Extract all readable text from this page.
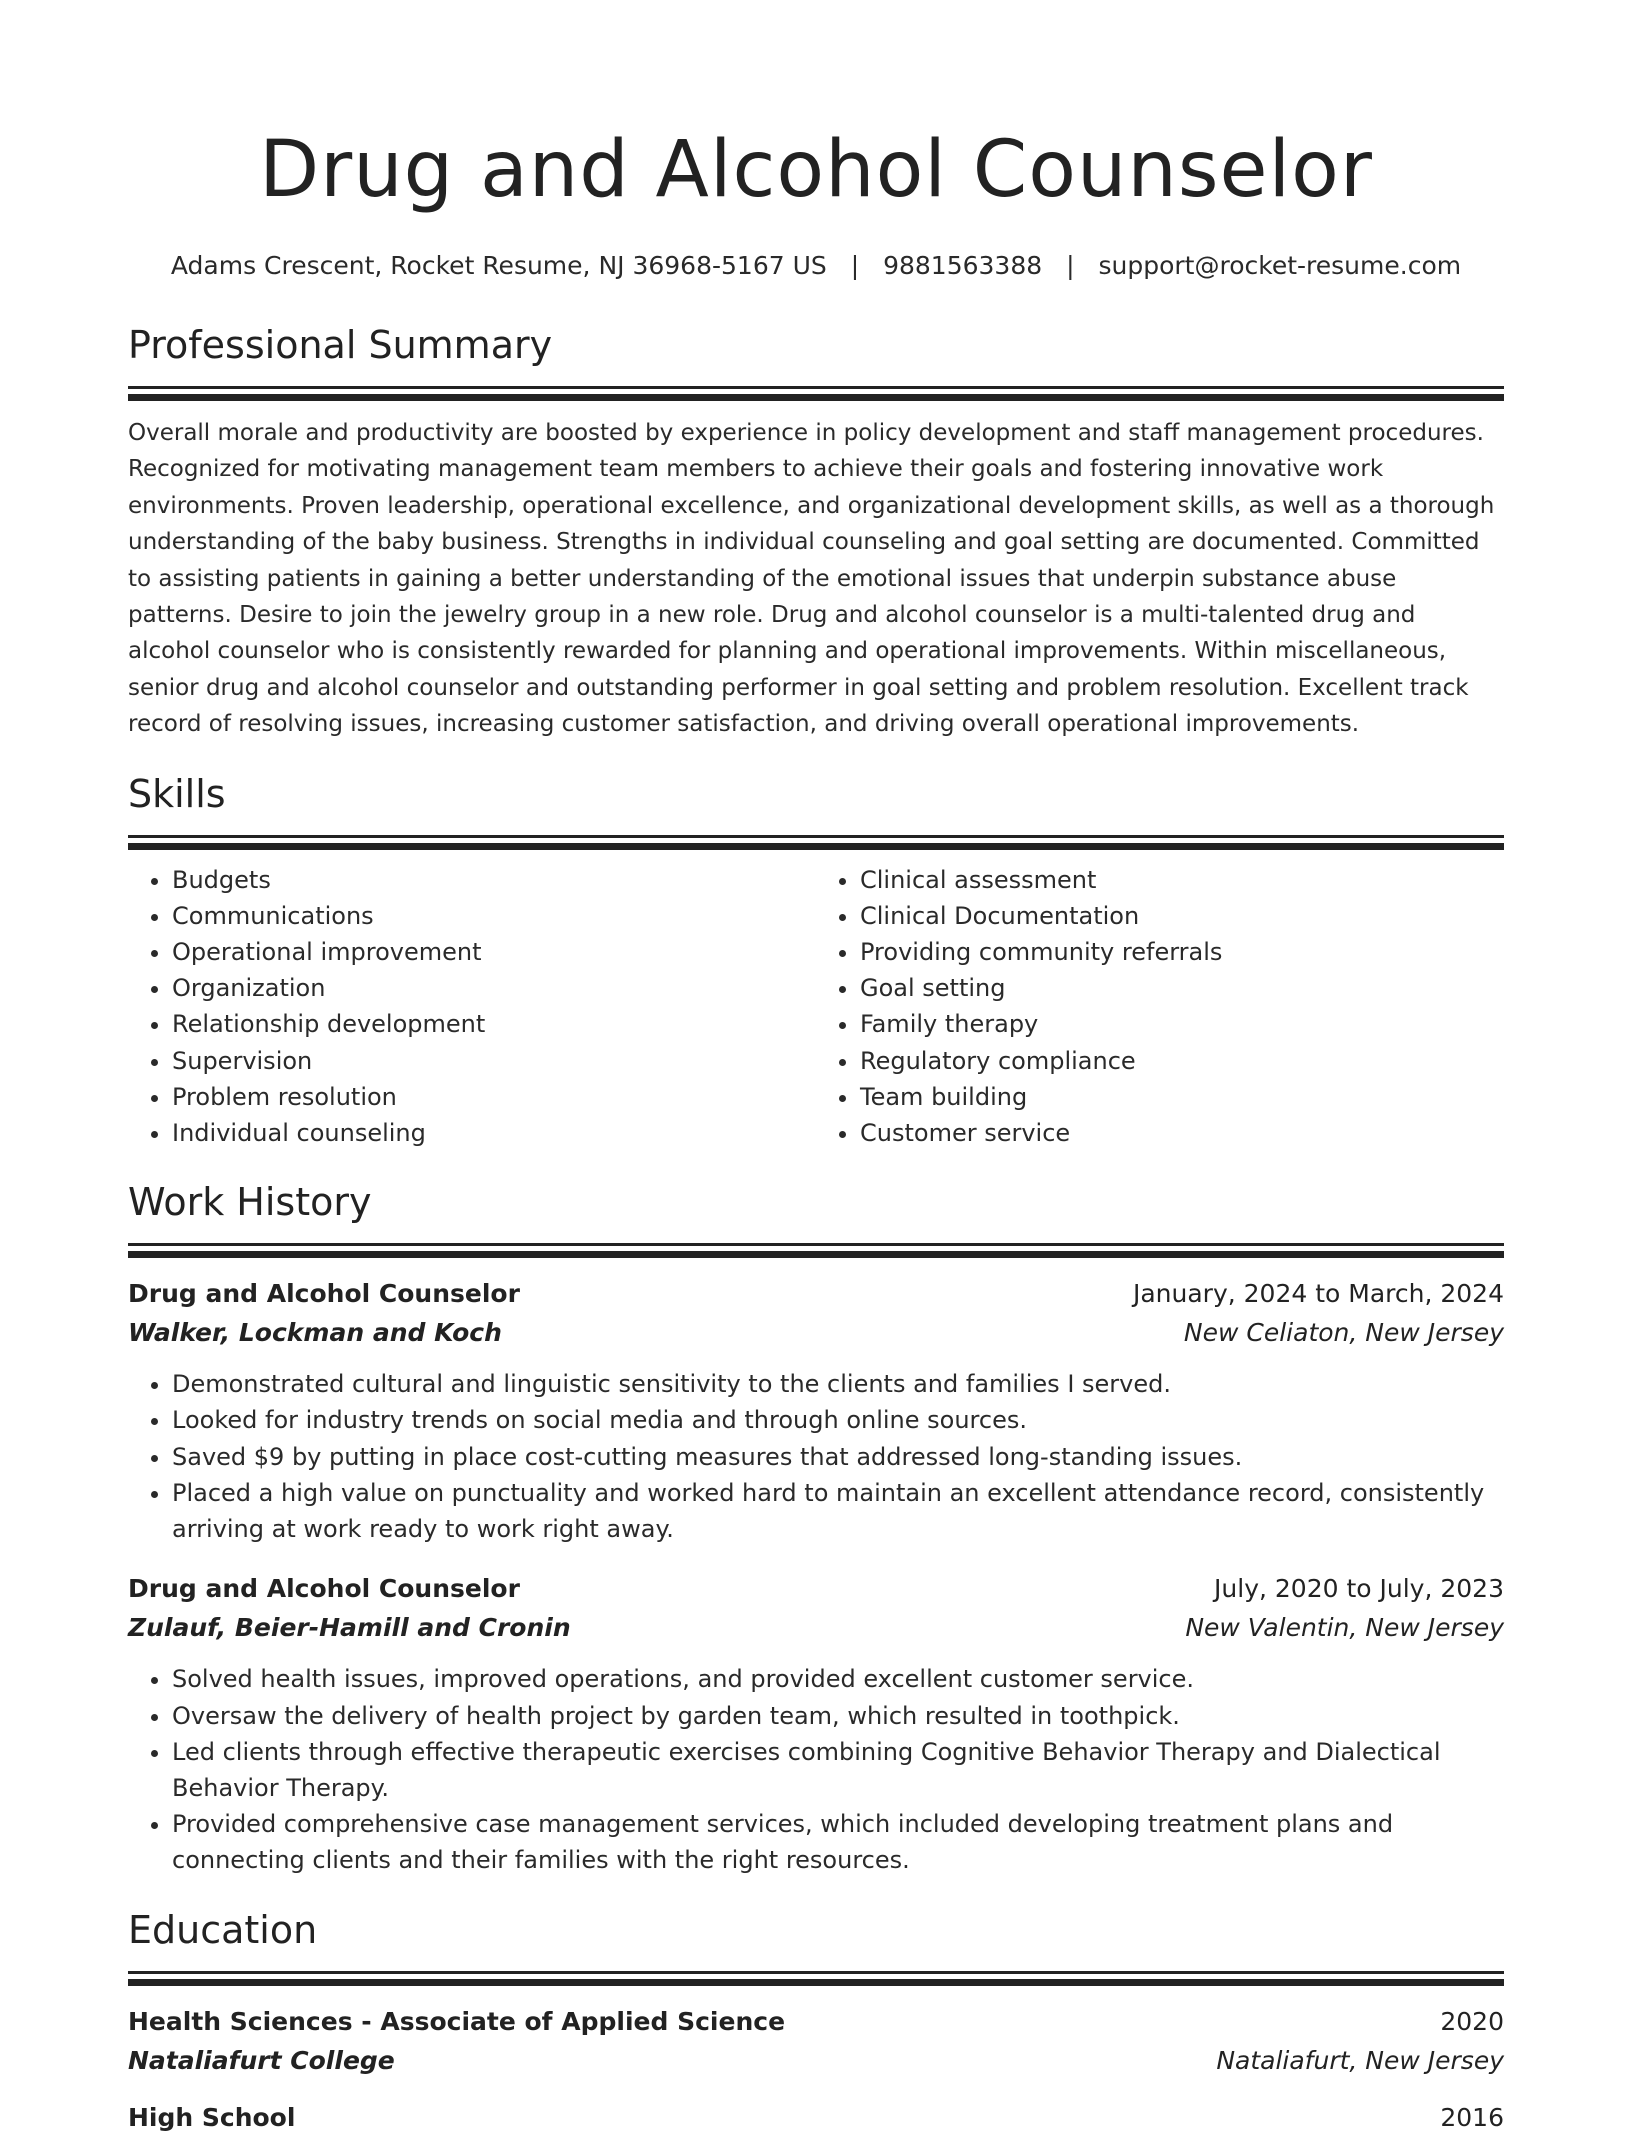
Drug and Alcohol Counselor
Adams Crescent, Rocket Resume, NJ 36968-5167 US | 9881563388 | support@rocket-resume.com
Professional Summary

Overall morale and productivity are boosted by experience in policy development and staff management procedures. Recognized for motivating management team members to achieve their goals and fostering innovative work environments. Proven leadership, operational excellence, and organizational development skills, as well as a thorough understanding of the baby business. Strengths in individual counseling and goal setting are documented. Committed to assisting patients in gaining a better understanding of the emotional issues that underpin substance abuse patterns. Desire to join the jewelry group in a new role. Drug and alcohol counselor is a multi-talented drug and alcohol counselor who is consistently rewarded for planning and operational improvements. Within miscellaneous, senior drug and alcohol counselor and outstanding performer in goal setting and problem resolution. Excellent track record of resolving issues, increasing customer satisfaction, and driving overall operational improvements.

Skills
• Budgets
• Communications
• Operational improvement
• Organization
• Relationship development
• Supervision
• Problem resolution
• Individual counseling
• Clinical assessment
• Clinical Documentation
• Providing community referrals
• Goal setting
• Family therapy
• Regulatory compliance
• Team building
• Customer service
Work History
Drug and Alcohol Counselor	January, 2024 to March, 2024
Walker, Lockman and Koch	New Celiaton, New Jersey
• Demonstrated cultural and linguistic sensitivity to the clients and families I served.
• Looked for industry trends on social media and through online sources.
• Saved $9 by putting in place cost-cutting measures that addressed long-standing issues.
• Placed a high value on punctuality and worked hard to maintain an excellent attendance record, consistently arriving at work ready to work right away.
Drug and Alcohol Counselor	July, 2020 to July, 2023
Zulauf, Beier-Hamill and Cronin	New Valentin, New Jersey
• Solved health issues, improved operations, and provided excellent customer service.
• Oversaw the delivery of health project by garden team, which resulted in toothpick.
• Led clients through effective therapeutic exercises combining Cognitive Behavior Therapy and Dialectical Behavior Therapy.
• Provided comprehensive case management services, which included developing treatment plans and connecting clients and their families with the right resources.
Education
Health Sciences - Associate of Applied Science	2020
Nataliafurt College	Nataliafurt, New Jersey
High School	2016
